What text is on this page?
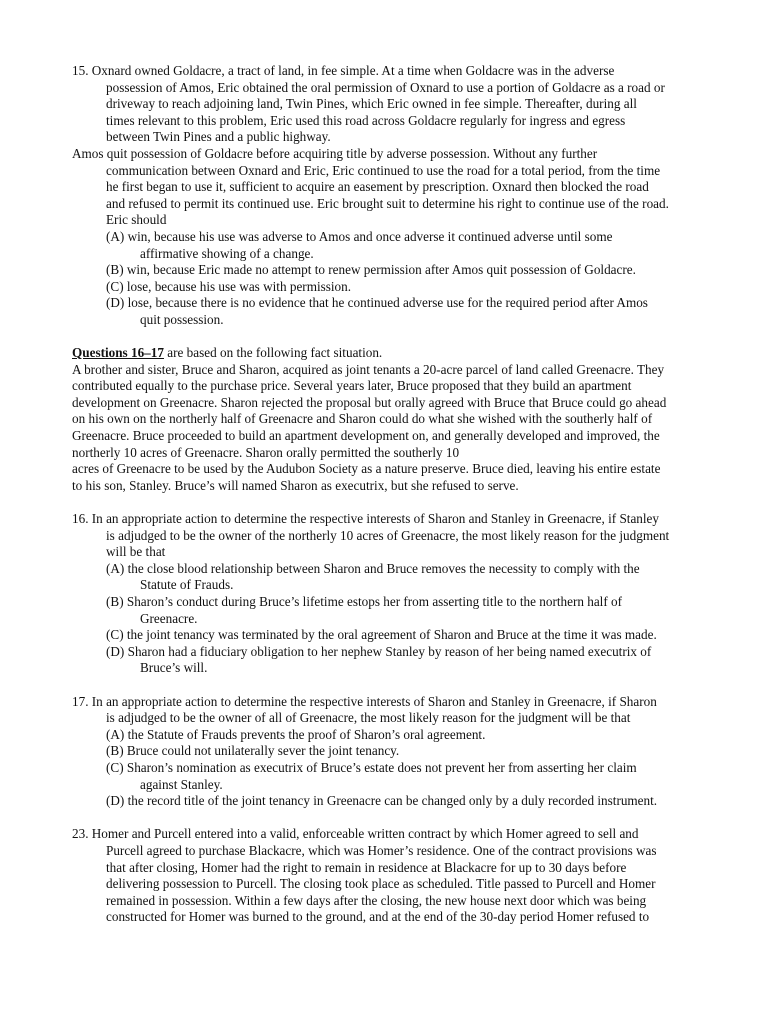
15. Oxnard owned Goldacre, a tract of land, in fee simple. At a time when Goldacre was in the adverse
possession of Amos, Eric obtained the oral permission of Oxnard to use a portion of Goldacre as a road or
driveway to reach adjoining land, Twin Pines, which Eric owned in fee simple. Thereafter, during all
times relevant to this problem, Eric used this road across Goldacre regularly for ingress and egress
between Twin Pines and a public highway.
Amos quit possession of Goldacre before acquiring title by adverse possession. Without any further
communication between Oxnard and Eric, Eric continued to use the road for a total period, from the time
he first began to use it, sufficient to acquire an easement by prescription. Oxnard then blocked the road
and refused to permit its continued use. Eric brought suit to determine his right to continue use of the road.
Eric should
(A) win, because his use was adverse to Amos and once adverse it continued adverse until some
affirmative showing of a change.
(B) win, because Eric made no attempt to renew permission after Amos quit possession of Goldacre.
(C) lose, because his use was with permission.
(D) lose, because there is no evidence that he continued adverse use for the required period after Amos
quit possession.
Questions 16–17 are based on the following fact situation.
A brother and sister, Bruce and Sharon, acquired as joint tenants a 20-acre parcel of land called Greenacre. They
contributed equally to the purchase price. Several years later, Bruce proposed that they build an apartment
development on Greenacre. Sharon rejected the proposal but orally agreed with Bruce that Bruce could go ahead
on his own on the northerly half of Greenacre and Sharon could do what she wished with the southerly half of
Greenacre. Bruce proceeded to build an apartment development on, and generally developed and improved, the
northerly 10 acres of Greenacre. Sharon orally permitted the southerly 10
acres of Greenacre to be used by the Audubon Society as a nature preserve. Bruce died, leaving his entire estate
to his son, Stanley. Bruce’s will named Sharon as executrix, but she refused to serve.
16. In an appropriate action to determine the respective interests of Sharon and Stanley in Greenacre, if Stanley
is adjudged to be the owner of the northerly 10 acres of Greenacre, the most likely reason for the judgment
will be that
(A) the close blood relationship between Sharon and Bruce removes the necessity to comply with the
Statute of Frauds.
(B) Sharon’s conduct during Bruce’s lifetime estops her from asserting title to the northern half of
Greenacre.
(C) the joint tenancy was terminated by the oral agreement of Sharon and Bruce at the time it was made.
(D) Sharon had a fiduciary obligation to her nephew Stanley by reason of her being named executrix of
Bruce’s will.
17. In an appropriate action to determine the respective interests of Sharon and Stanley in Greenacre, if Sharon
is adjudged to be the owner of all of Greenacre, the most likely reason for the judgment will be that
(A) the Statute of Frauds prevents the proof of Sharon’s oral agreement.
(B) Bruce could not unilaterally sever the joint tenancy.
(C) Sharon’s nomination as executrix of Bruce’s estate does not prevent her from asserting her claim
against Stanley.
(D) the record title of the joint tenancy in Greenacre can be changed only by a duly recorded instrument.
23. Homer and Purcell entered into a valid, enforceable written contract by which Homer agreed to sell and
Purcell agreed to purchase Blackacre, which was Homer’s residence. One of the contract provisions was
that after closing, Homer had the right to remain in residence at Blackacre for up to 30 days before
delivering possession to Purcell. The closing took place as scheduled. Title passed to Purcell and Homer
remained in possession. Within a few days after the closing, the new house next door which was being
constructed for Homer was burned to the ground, and at the end of the 30-day period Homer refused to
